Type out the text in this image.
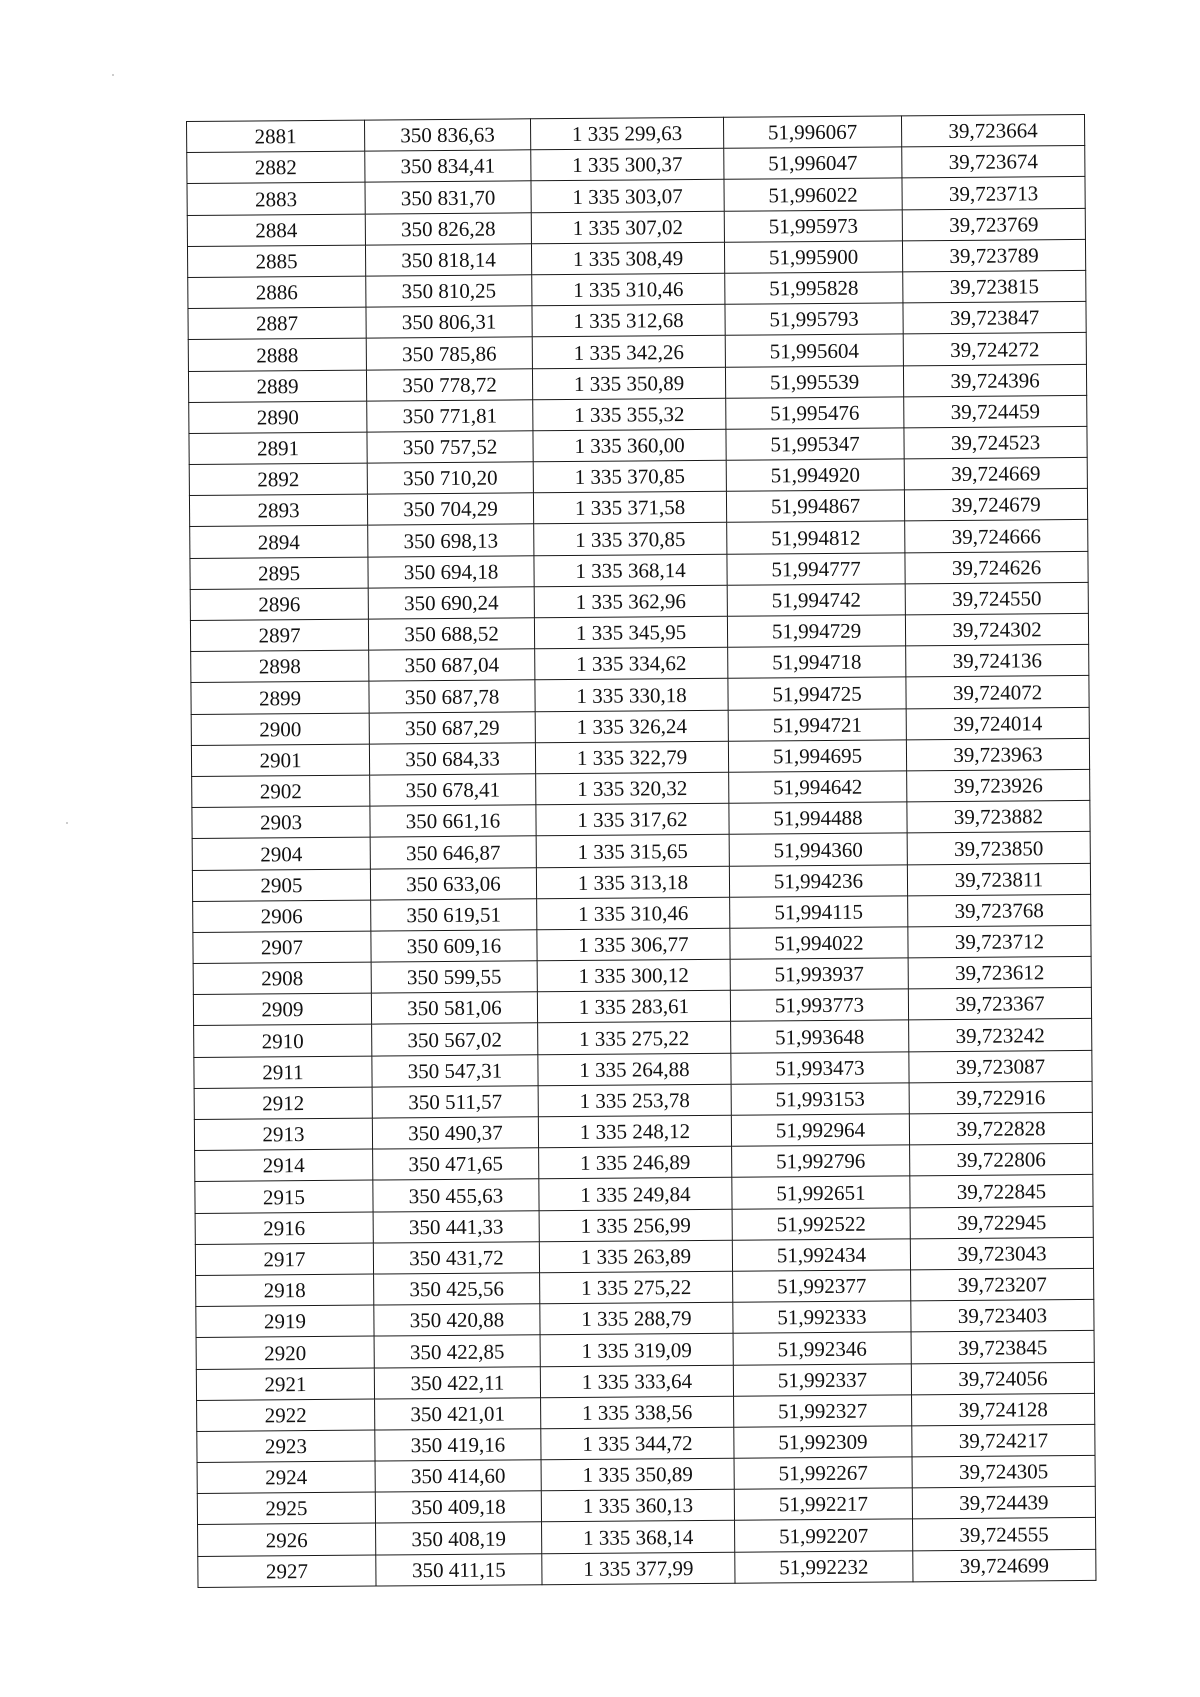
2881	350 836,63	1 335 299,63	51,996067	39,723664
2882	350 834,41	1 335 300,37	51,996047	39,723674
2883	350 831,70	1 335 303,07	51,996022	39,723713
2884	350 826,28	1 335 307,02	51,995973	39,723769
2885	350 818,14	1 335 308,49	51,995900	39,723789
2886	350 810,25	1 335 310,46	51,995828	39,723815
2887	350 806,31	1 335 312,68	51,995793	39,723847
2888	350 785,86	1 335 342,26	51,995604	39,724272
2889	350 778,72	1 335 350,89	51,995539	39,724396
2890	350 771,81	1 335 355,32	51,995476	39,724459
2891	350 757,52	1 335 360,00	51,995347	39,724523
2892	350 710,20	1 335 370,85	51,994920	39,724669
2893	350 704,29	1 335 371,58	51,994867	39,724679
2894	350 698,13	1 335 370,85	51,994812	39,724666
2895	350 694,18	1 335 368,14	51,994777	39,724626
2896	350 690,24	1 335 362,96	51,994742	39,724550
2897	350 688,52	1 335 345,95	51,994729	39,724302
2898	350 687,04	1 335 334,62	51,994718	39,724136
2899	350 687,78	1 335 330,18	51,994725	39,724072
2900	350 687,29	1 335 326,24	51,994721	39,724014
2901	350 684,33	1 335 322,79	51,994695	39,723963
2902	350 678,41	1 335 320,32	51,994642	39,723926
2903	350 661,16	1 335 317,62	51,994488	39,723882
2904	350 646,87	1 335 315,65	51,994360	39,723850
2905	350 633,06	1 335 313,18	51,994236	39,723811
2906	350 619,51	1 335 310,46	51,994115	39,723768
2907	350 609,16	1 335 306,77	51,994022	39,723712
2908	350 599,55	1 335 300,12	51,993937	39,723612
2909	350 581,06	1 335 283,61	51,993773	39,723367
2910	350 567,02	1 335 275,22	51,993648	39,723242
2911	350 547,31	1 335 264,88	51,993473	39,723087
2912	350 511,57	1 335 253,78	51,993153	39,722916
2913	350 490,37	1 335 248,12	51,992964	39,722828
2914	350 471,65	1 335 246,89	51,992796	39,722806
2915	350 455,63	1 335 249,84	51,992651	39,722845
2916	350 441,33	1 335 256,99	51,992522	39,722945
2917	350 431,72	1 335 263,89	51,992434	39,723043
2918	350 425,56	1 335 275,22	51,992377	39,723207
2919	350 420,88	1 335 288,79	51,992333	39,723403
2920	350 422,85	1 335 319,09	51,992346	39,723845
2921	350 422,11	1 335 333,64	51,992337	39,724056
2922	350 421,01	1 335 338,56	51,992327	39,724128
2923	350 419,16	1 335 344,72	51,992309	39,724217
2924	350 414,60	1 335 350,89	51,992267	39,724305
2925	350 409,18	1 335 360,13	51,992217	39,724439
2926	350 408,19	1 335 368,14	51,992207	39,724555
2927	350 411,15	1 335 377,99	51,992232	39,724699
